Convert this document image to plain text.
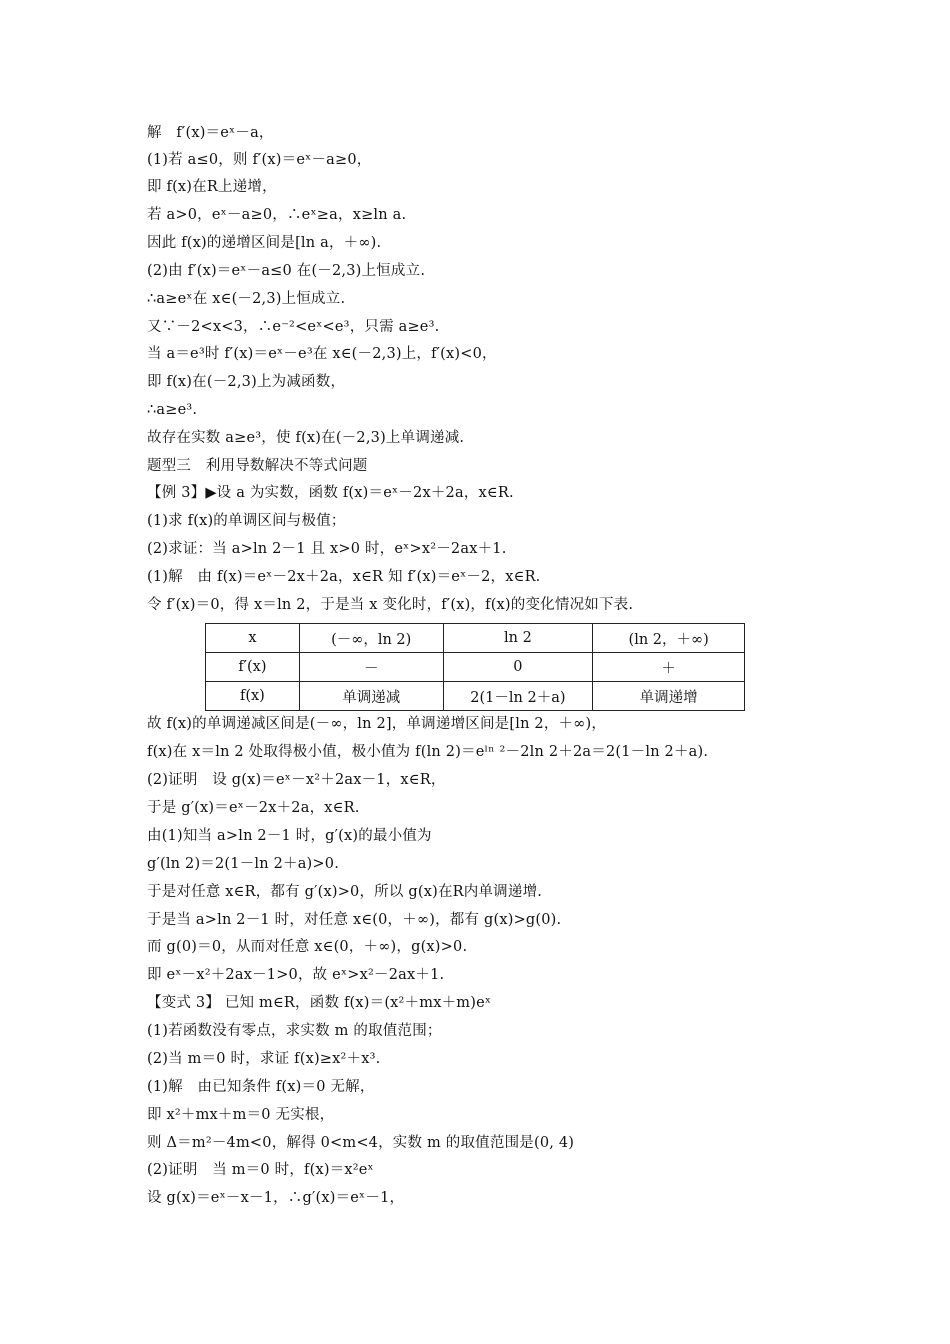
解　f′(x)＝eˣ－a，
(1)若 a≤0，则 f′(x)＝eˣ－a≥0，
即 f(x)在R上递增，
若 a>0，eˣ－a≥0，∴eˣ≥a，x≥ln a.
因此 f(x)的递增区间是[ln a，＋∞).
(2)由 f′(x)＝eˣ－a≤0 在(－2,3)上恒成立.
∴a≥eˣ在 x∈(－2,3)上恒成立.
又∵－2<x<3，∴e⁻²<eˣ<e³，只需 a≥e³.
当 a＝e³时 f′(x)＝eˣ－e³在 x∈(－2,3)上，f′(x)<0，
即 f(x)在(－2,3)上为减函数，
∴a≥e³.
故存在实数 a≥e³，使 f(x)在(－2,3)上单调递减.
题型三　利用导数解决不等式问题
【例 3】▶设 a 为实数，函数 f(x)＝eˣ－2x＋2a，x∈R.
(1)求 f(x)的单调区间与极值；
(2)求证：当 a>ln 2－1 且 x>0 时，eˣ>x²－2ax＋1.
(1)解　由 f(x)＝eˣ－2x＋2a，x∈R 知 f′(x)＝eˣ－2，x∈R.
令 f′(x)＝0，得 x＝ln 2，于是当 x 变化时，f′(x)，f(x)的变化情况如下表.
x	(－∞，ln 2)	ln 2	(ln 2，＋∞)
f′(x)	－	0	＋
f(x)	单调递减	2(1－ln 2＋a)	单调递增
故 f(x)的单调递减区间是(－∞，ln 2]，单调递增区间是[ln 2，＋∞)，
f(x)在 x＝ln 2 处取得极小值，极小值为 f(ln 2)＝eˡⁿ ²－2ln 2＋2a＝2(1－ln 2＋a).
(2)证明　设 g(x)＝eˣ－x²＋2ax－1，x∈R，
于是 g′(x)＝eˣ－2x＋2a，x∈R.
由(1)知当 a>ln 2－1 时，g′(x)的最小值为
g′(ln 2)＝2(1－ln 2＋a)>0.
于是对任意 x∈R，都有 g′(x)>0，所以 g(x)在R内单调递增.
于是当 a>ln 2－1 时，对任意 x∈(0，＋∞)，都有 g(x)>g(0).
而 g(0)＝0，从而对任意 x∈(0，＋∞)，g(x)>0.
即 eˣ－x²＋2ax－1>0，故 eˣ>x²－2ax＋1.
【变式 3】 已知 m∈R，函数 f(x)＝(x²＋mx＋m)eˣ
(1)若函数没有零点，求实数 m 的取值范围；
(2)当 m＝0 时，求证 f(x)≥x²＋x³.
(1)解　由已知条件 f(x)＝0 无解，
即 x²＋mx＋m＝0 无实根，
则 Δ＝m²－4m<0，解得 0<m<4，实数 m 的取值范围是(0, 4)
(2)证明　当 m＝0 时，f(x)＝x²eˣ
设 g(x)＝eˣ－x－1，∴g′(x)＝eˣ－1，
